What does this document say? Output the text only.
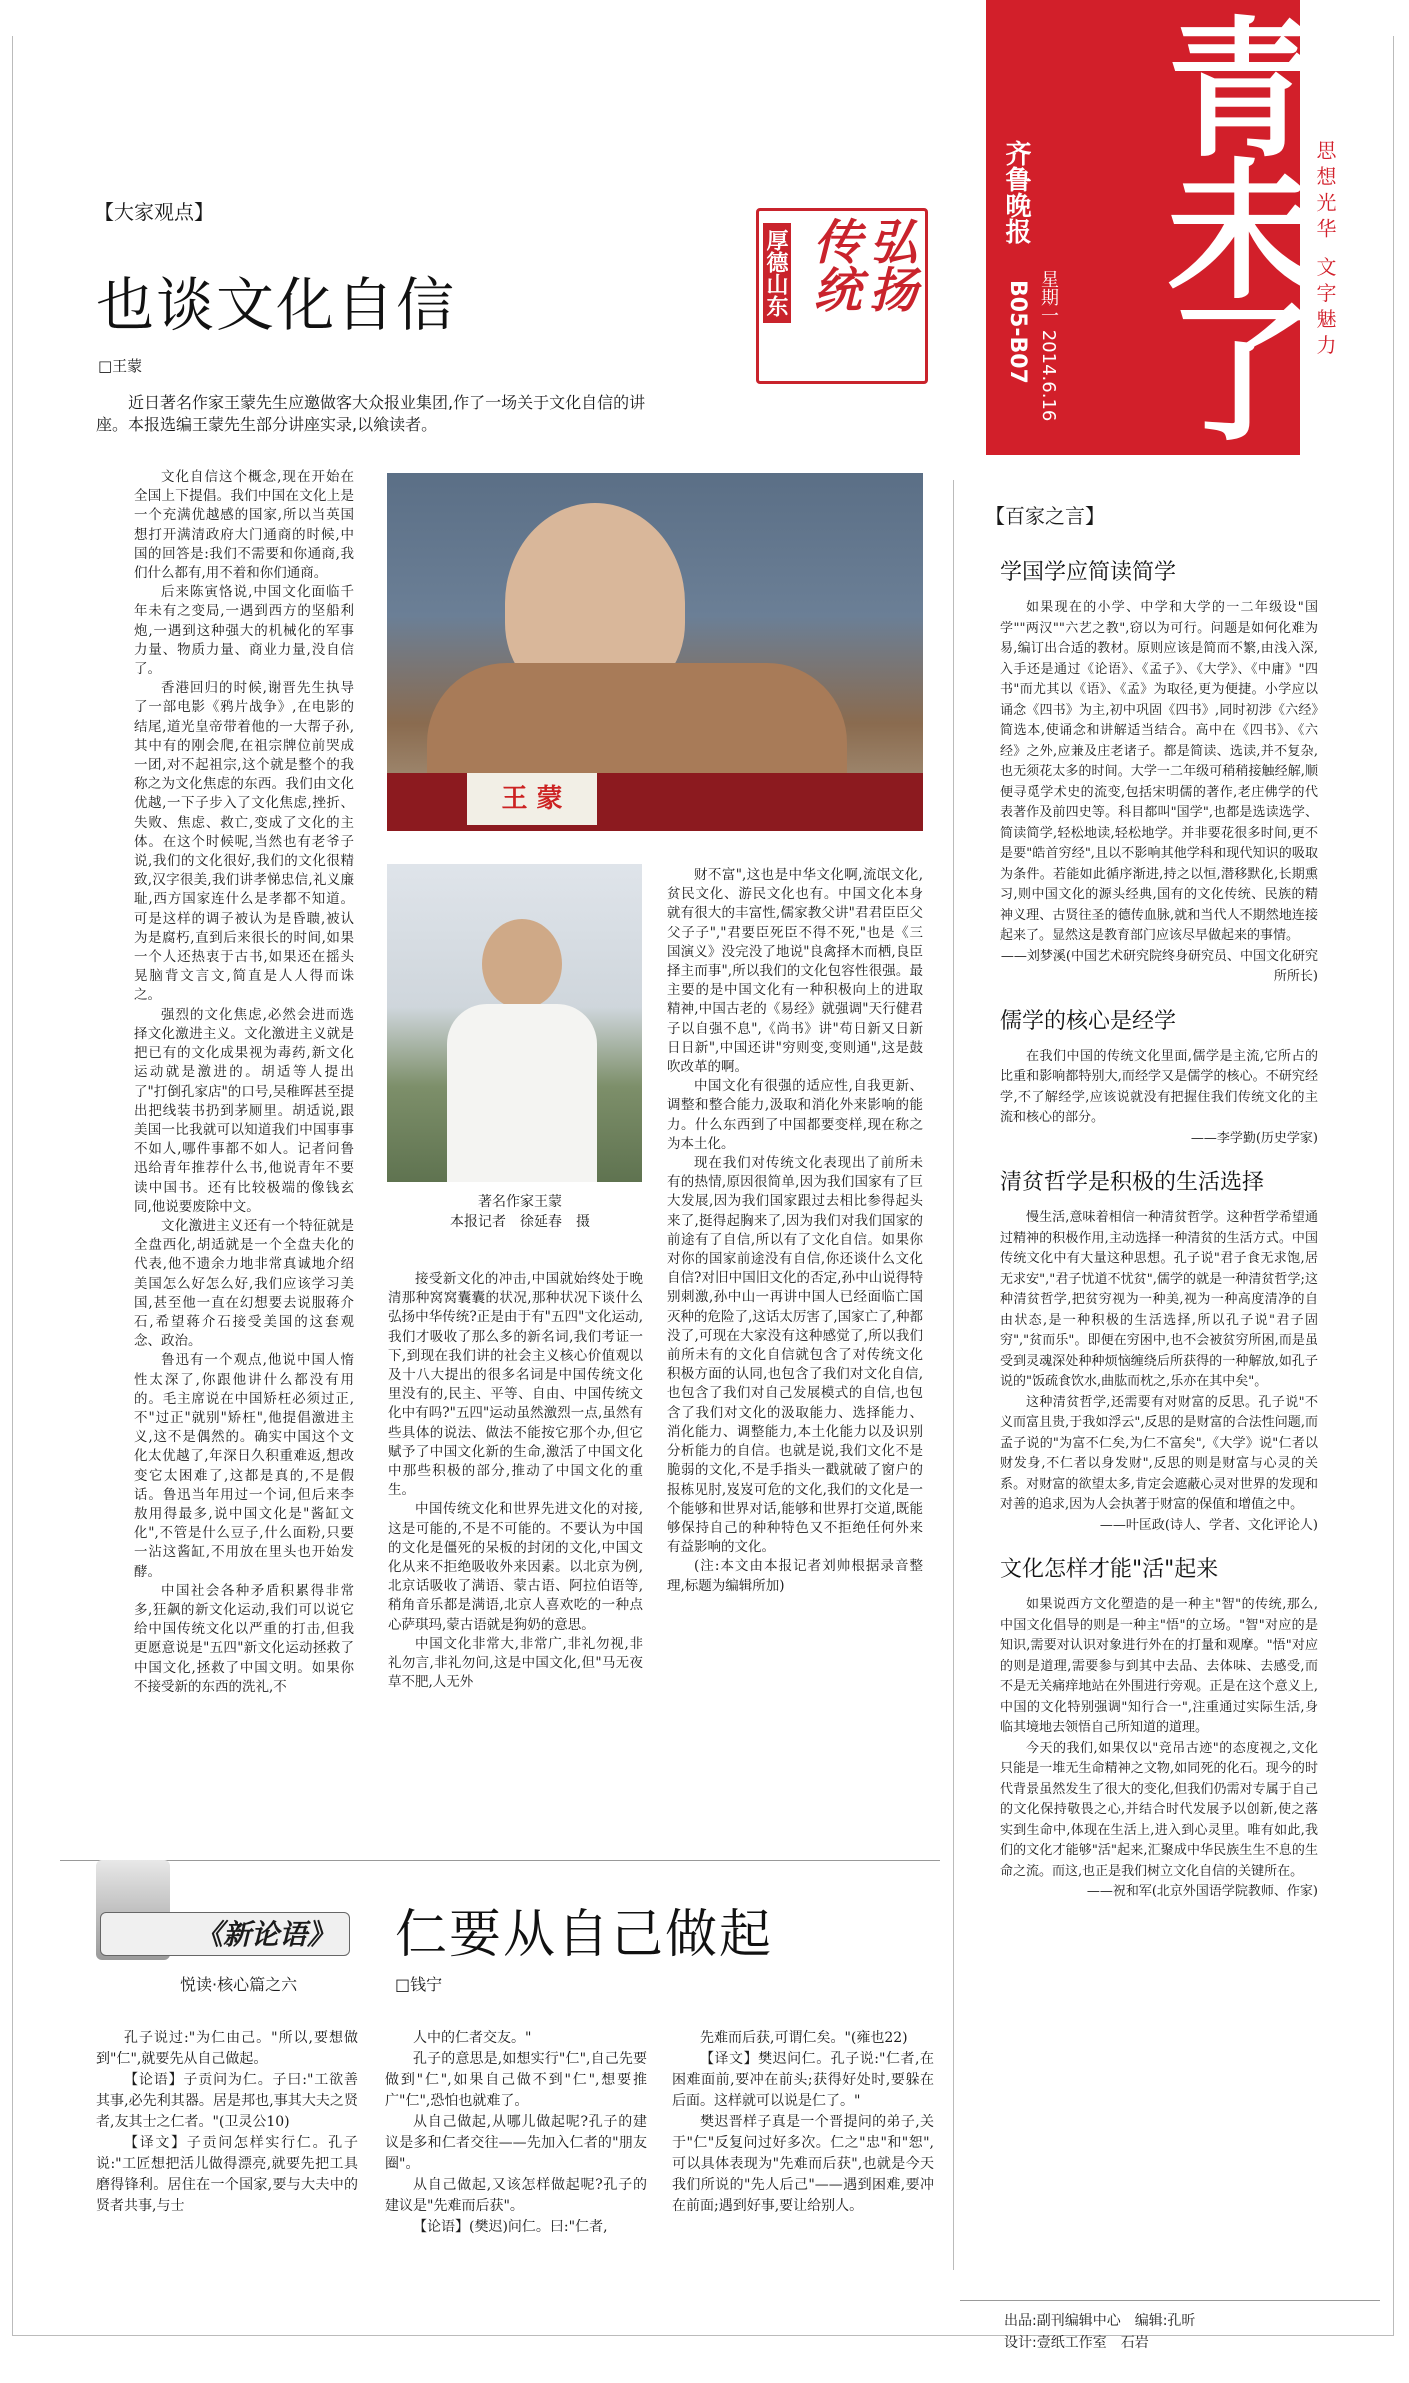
青未了
齐鲁晚报
星期一 2014.6.16
B05-B07	思想光华 文字魅力
厚德山东	弘扬
传统
【大家观点】
也谈文化自信
□王蒙
近日著名作家王蒙先生应邀做客大众报业集团,作了一场关于文化自信的讲座。本报选编王蒙先生部分讲座实录,以飨读者。

文化自信这个概念,现在开始在全国上下提倡。我们中国在文化上是一个充满优越感的国家,所以当英国想打开满清政府大门通商的时候,中国的回答是:我们不需要和你通商,我们什么都有,用不着和你们通商。

后来陈寅恪说,中国文化面临千年未有之变局,一遇到西方的坚船利炮,一遇到这种强大的机械化的军事力量、物质力量、商业力量,没自信了。

香港回归的时候,谢晋先生执导了一部电影《鸦片战争》,在电影的结尾,道光皇帝带着他的一大帮子孙,其中有的刚会爬,在祖宗牌位前哭成一团,对不起祖宗,这个就是整个的我称之为文化焦虑的东西。我们由文化优越,一下子步入了文化焦虑,挫折、失败、焦虑、救亡,变成了文化的主体。在这个时候呢,当然也有老爷子说,我们的文化很好,我们的文化很精致,汉字很美,我们讲孝悌忠信,礼义廉耻,西方国家连什么是孝都不知道。可是这样的调子被认为是昏聩,被认为是腐朽,直到后来很长的时间,如果一个人还热衷于古书,如果还在摇头晃脑背文言文,简直是人人得而诛之。

强烈的文化焦虑,必然会进而选择文化激进主义。文化激进主义就是把已有的文化成果视为毒药,新文化运动就是激进的。胡适等人提出了"打倒孔家店"的口号,吴稚晖甚至提出把线装书扔到茅厕里。胡适说,跟美国一比我就可以知道我们中国事事不如人,哪件事都不如人。记者问鲁迅给青年推荐什么书,他说青年不要读中国书。还有比较极端的像钱玄同,他说要废除中文。

文化激进主义还有一个特征就是全盘西化,胡适就是一个全盘夫化的代表,他不遗余力地非常真诚地介绍美国怎么好怎么好,我们应该学习美国,甚至他一直在幻想要去说服蒋介石,希望蒋介石接受美国的这套观念、政治。

鲁迅有一个观点,他说中国人惰性太深了,你跟他讲什么都没有用的。毛主席说在中国矫枉必须过正,不"过正"就别"矫枉",他提倡激进主义,这不是偶然的。确实中国这个文化太优越了,年深日久积重难返,想改变它太困难了,这都是真的,不是假话。鲁迅当年用过一个词,但后来李敖用得最多,说中国文化是"酱缸文化",不管是什么豆子,什么面粉,只要一沾这酱缸,不用放在里头也开始发酵。

中国社会各种矛盾积累得非常多,狂飙的新文化运动,我们可以说它给中国传统文化以严重的打击,但我更愿意说是"五四"新文化运动拯救了中国文化,拯救了中国文明。如果你不接受新的东西的洗礼,不

王 蒙
著名作家王蒙
本报记者　徐延春　摄

接受新文化的冲击,中国就始终处于晚清那种窝窝囊囊的状况,那种状况下谈什么弘扬中华传统?正是由于有"五四"文化运动,我们才吸收了那么多的新名词,我们考证一下,到现在我们讲的社会主义核心价值观以及十八大提出的很多名词是中国传统文化里没有的,民主、平等、自由、中国传统文化中有吗?"五四"运动虽然激烈一点,虽然有些具体的说法、做法不能按它那个办,但它赋予了中国文化新的生命,激活了中国文化中那些积极的部分,推动了中国文化的重生。

中国传统文化和世界先进文化的对接,这是可能的,不是不可能的。不要认为中国的文化是僵死的呆板的封闭的文化,中国文化从来不拒绝吸收外来因素。以北京为例,北京话吸收了满语、蒙古语、阿拉伯语等,稍角音乐都是满语,北京人喜欢吃的一种点心萨琪玛,蒙古语就是狗奶的意思。

中国文化非常大,非常广,非礼勿视,非礼勿言,非礼勿问,这是中国文化,但"马无夜草不肥,人无外

财不富",这也是中华文化啊,流氓文化,贫民文化、游民文化也有。中国文化本身就有很大的丰富性,儒家教父讲"君君臣臣父父子子","君要臣死臣不得不死,"也是《三国演义》没完没了地说"良禽择木而栖,良臣择主而事",所以我们的文化包容性很强。最主要的是中国文化有一种积极向上的进取精神,中国古老的《易经》就强调"天行健君子以自强不息",《尚书》讲"苟日新又日新日日新",中国还讲"穷则变,变则通",这是鼓吹改革的啊。

中国文化有很强的适应性,自我更新、调整和整合能力,汲取和消化外来影响的能力。什么东西到了中国都要变样,现在称之为本土化。

现在我们对传统文化表现出了前所未有的热情,原因很简单,因为我们国家有了巨大发展,因为我们国家跟过去相比参得起头来了,挺得起胸来了,因为我们对我们国家的前途有了自信,所以有了文化自信。如果你对你的国家前途没有自信,你还谈什么文化自信?对旧中国旧文化的否定,孙中山说得特别刺激,孙中山一再讲中国人已经面临亡国灭种的危险了,这话太厉害了,国家亡了,种都没了,可现在大家没有这种感觉了,所以我们前所未有的文化自信就包含了对传统文化积极方面的认同,也包含了我们对文化自信,也包含了我们对自己发展模式的自信,也包含了我们对文化的汲取能力、选择能力、消化能力、调整能力,本土化能力以及识别分析能力的自信。也就是说,我们文化不是脆弱的文化,不是手指头一戳就破了窗户的报栋见肘,岌岌可危的文化,我们的文化是一个能够和世界对话,能够和世界打交道,既能够保持自己的种种特色又不拒绝任何外来有益影响的文化。

(注:本文由本报记者刘帅根据录音整理,标题为编辑所加)

【百家之言】
学国学应简读简学

如果现在的小学、中学和大学的一二年级设"国学""两汉""六艺之教",窃以为可行。问题是如何化难为易,编订出合适的教材。原则应该是简而不繁,由浅入深,入手还是通过《论语》、《孟子》、《大学》、《中庸》"四书"而尤其以《语》、《孟》为取径,更为便捷。小学应以诵念《四书》为主,初中巩固《四书》,同时初涉《六经》简选本,使诵念和讲解适当结合。高中在《四书》、《六经》之外,应兼及庄老诸子。都是简读、选读,并不复杂,也无须花太多的时间。大学一二年级可稍稍接触经解,顺便寻觅学术史的流变,包括宋明儒的著作,老庄佛学的代表著作及前四史等。科目都叫"国学",也都是选读选学、简读简学,轻松地读,轻松地学。并非要花很多时间,更不是要"皓首穷经",且以不影响其他学科和现代知识的吸取为条件。若能如此循序渐进,持之以恒,潜移默化,长期熏习,则中国文化的源头经典,国有的文化传统、民族的精神义理、古贤往圣的德传血脉,就和当代人不期然地连接起来了。显然这是教育部门应该尽早做起来的事情。

——刘梦溪(中国艺术研究院终身研究员、中国文化研究所所长)

儒学的核心是经学

在我们中国的传统文化里面,儒学是主流,它所占的比重和影响都特别大,而经学又是儒学的核心。不研究经学,不了解经学,应该说就没有把握住我们传统文化的主流和核心的部分。

——李学勤(历史学家)

清贫哲学是积极的生活选择

慢生活,意味着相信一种清贫哲学。这种哲学希望通过精神的积极作用,主动选择一种清贫的生活方式。中国传统文化中有大量这种思想。孔子说"君子食无求饱,居无求安","君子忧道不忧贫",儒学的就是一种清贫哲学;这种清贫哲学,把贫穷视为一种美,视为一种高度清净的自由状态,是一种积极的生活选择,所以孔子说"君子固穷","贫而乐"。即便在穷困中,也不会被贫穷所困,而是虽受到灵魂深处种种烦恼缠绕后所获得的一种解放,如孔子说的"饭疏食饮水,曲肱而枕之,乐亦在其中矣"。

这种清贫哲学,还需要有对财富的反思。孔子说"不义而富且贵,于我如浮云",反思的是财富的合法性问题,而孟子说的"为富不仁矣,为仁不富矣",《大学》说"仁者以财发身,不仁者以身发财",反思的则是财富与心灵的关系。对财富的欲望太多,肯定会遮蔽心灵对世界的发现和对善的追求,因为人会执著于财富的保值和增值之中。

——叶匡政(诗人、学者、文化评论人)

文化怎样才能"活"起来

如果说西方文化塑造的是一种主"智"的传统,那么,中国文化倡导的则是一种主"悟"的立场。"智"对应的是知识,需要对认识对象进行外在的打量和观摩。"悟"对应的则是道理,需要参与到其中去品、去体味、去感受,而不是无关痛痒地站在外围进行旁观。正是在这个意义上,中国的文化特别强调"知行合一",注重通过实际生活,身临其境地去领悟自己所知道的道理。

今天的我们,如果仅以"竞吊古迹"的态度视之,文化只能是一堆无生命精神之文物,如同死的化石。现今的时代背景虽然发生了很大的变化,但我们仍需对专属于自己的文化保持敬畏之心,并结合时代发展予以创新,使之落实到生命中,体现在生活上,进入到心灵里。唯有如此,我们的文化才能够"活"起来,汇聚成中华民族生生不息的生命之流。而这,也正是我们树立文化自信的关键所在。

——祝和军(北京外国语学院教师、作家)

《新论语》
悦读·核心篇之六
仁要从自己做起
□钱宁

孔子说过:"为仁由己。"所以,要想做到"仁",就要先从自己做起。

【论语】子贡问为仁。子曰:"工欲善其事,必先利其器。居是邦也,事其大夫之贤者,友其士之仁者。"(卫灵公10)

【译文】子贡问怎样实行仁。孔子说:"工匠想把活儿做得漂亮,就要先把工具磨得锋利。居住在一个国家,要与大夫中的贤者共事,与士

人中的仁者交友。"

孔子的意思是,如想实行"仁",自己先要做到"仁",如果自己做不到"仁",想要推广"仁",恐怕也就难了。

从自己做起,从哪儿做起呢?孔子的建议是多和仁者交往——先加入仁者的"朋友圈"。

从自己做起,又该怎样做起呢?孔子的建议是"先难而后获"。

【论语】(樊迟)问仁。曰:"仁者,

先难而后获,可谓仁矣。"(雍也22)

【译文】樊迟问仁。孔子说:"仁者,在困难面前,要冲在前头;获得好处时,要躲在后面。这样就可以说是仁了。"

樊迟晋样子真是一个晋提问的弟子,关于"仁"反复问过好多次。仁之"忠"和"恕",可以具体表现为"先难而后获",也就是今天我们所说的"先人后己"——遇到困难,要冲在前面;遇到好事,要让给别人。

出品:副刊编辑中心　编辑:孔昕
设计:壹纸工作室　石岩
